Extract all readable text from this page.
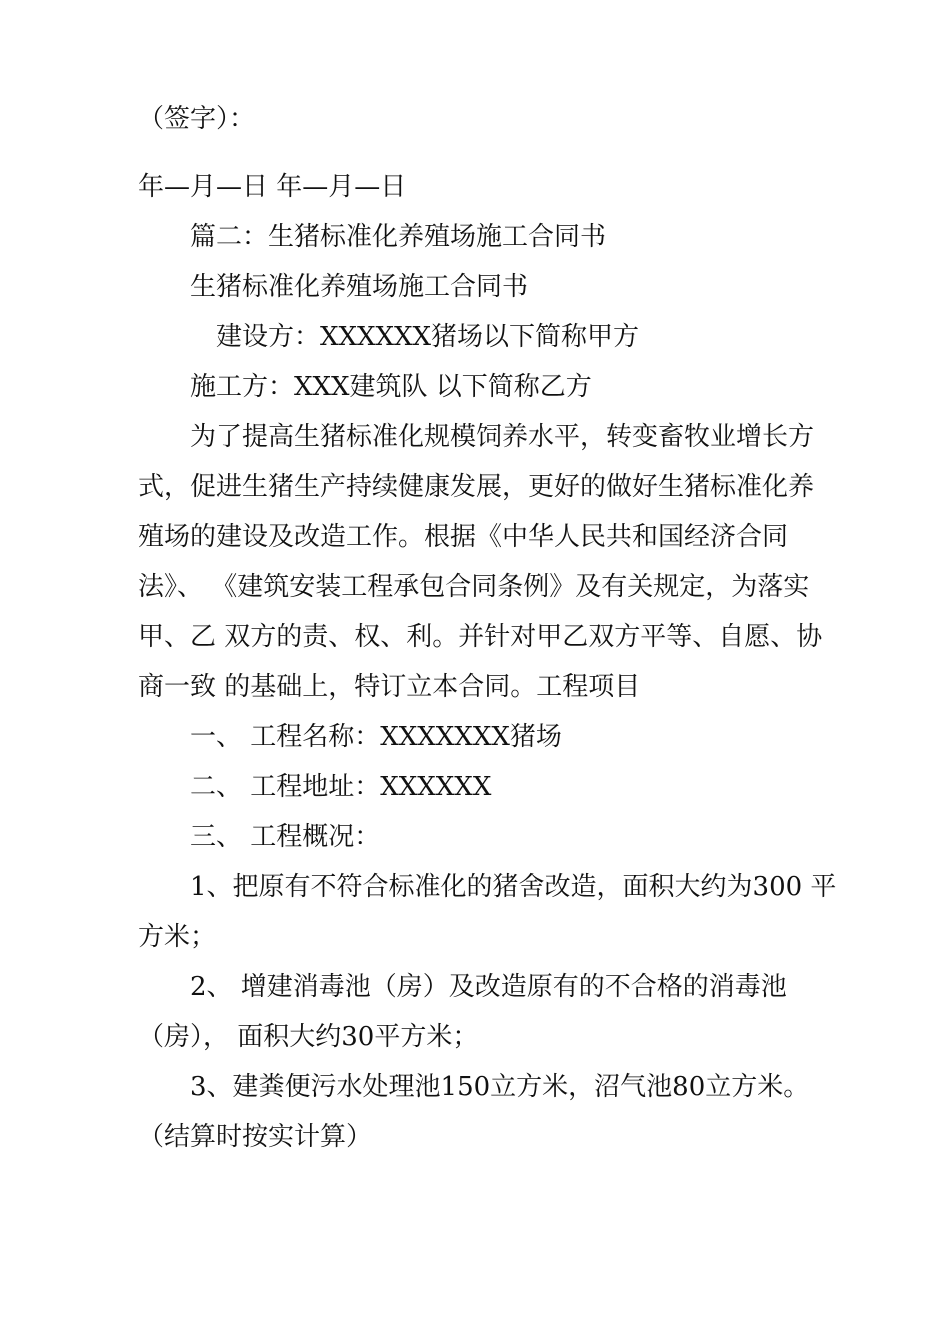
（签字）：
年—月—日 年—月—日
篇二：生猪标准化养殖场施工合同书
生猪标准化养殖场施工合同书
建设方：XXXXXX猪场以下简称甲方
施工方：XXX建筑队 以下简称乙方
为了提高生猪标准化规模饲养水平，转变畜牧业增长方
式，促进生猪生产持续健康发展，更好的做好生猪标准化养
殖场的建设及改造工作。根据《中华人民共和国经济合同
法》、 《建筑安装工程承包合同条例》及有关规定，为落实
甲、乙 双方的责、权、利。并针对甲乙双方平等、自愿、协
商一致 的基础上，特订立本合同。工程项目
一、 工程名称：XXXXXXX猪场
二、 工程地址：XXXXXX
三、 工程概况：
1、把原有不符合标准化的猪舍改造，面积大约为300 平
方米；
2、 增建消毒池（房）及改造原有的不合格的消毒池
（房）， 面积大约30平方米；
3、建粪便污水处理池150立方米，沼气池80立方米。
（结算时按实计算）
